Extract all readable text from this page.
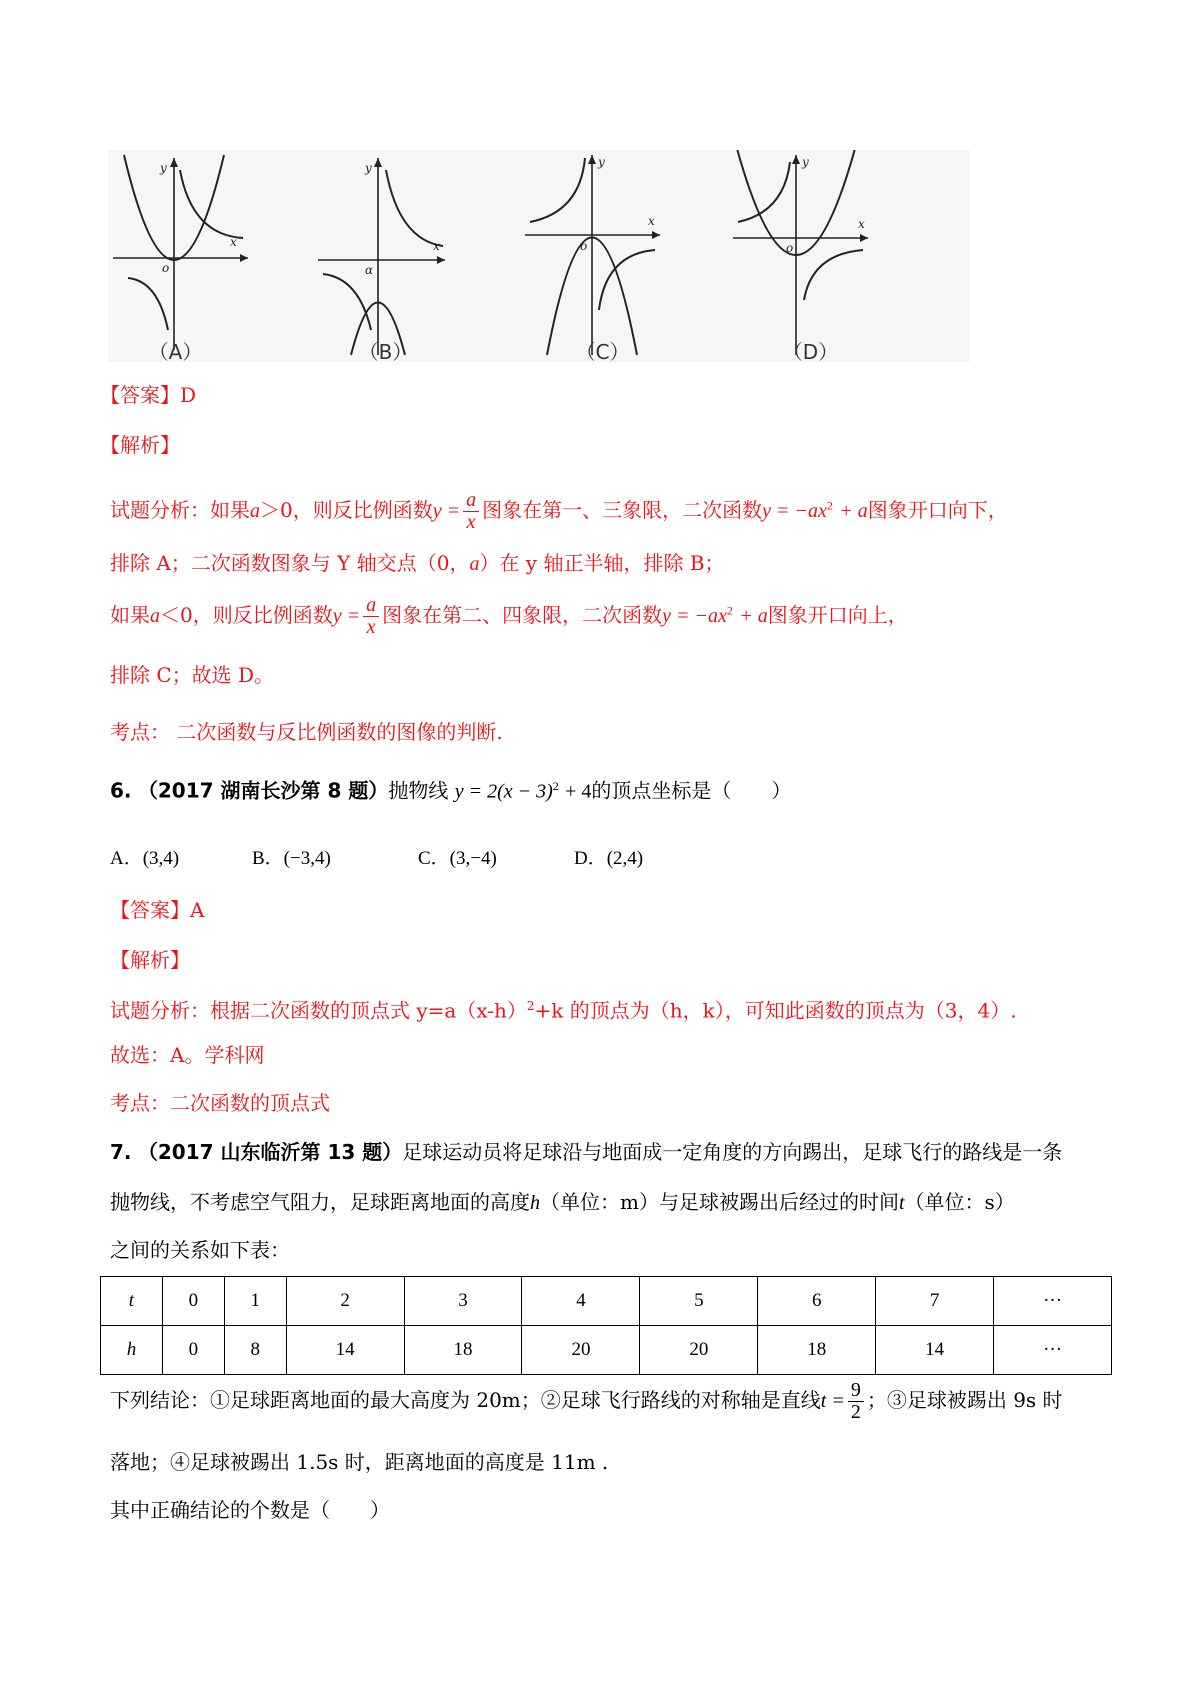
x
y
o
（A）
x
y
α
（B）
x
y
o
（C）
x
y
o
（D）
【答案】D
【解析】
试题分析：如果a＞0，则反比例函数$y = \frac{a}{x}$ 图象在第一、三象限，二次函数$y = -ax^2 + a$图象开口向下，
排除 A；二次函数图象与 Y 轴交点（0，a）在 y 轴正半轴，排除 B；
如果a＜0，则反比例函数$y = \frac{a}{x}$ 图象在第二、四象限，二次函数$y = -ax^2 + a$图象开口向上，
排除 C；故选 D。
考点： 二次函数与反比例函数的图像的判断.
6. （2017 湖南长沙第 8 题）抛物线 $y = 2(x - 3)^2 + 4$的顶点坐标是（　　）
A．(3,4)	B．(−3,4)	C．(3,−4)	D．(2,4)
【答案】A
【解析】
试题分析：根据二次函数的顶点式 $y=a(x-h)^2+k$ 的顶点为（h，k），可知此函数的顶点为（3，4）.
故选：A。学科网
考点：二次函数的顶点式
7. （2017 山东临沂第 13 题）足球运动员将足球沿与地面成一定角度的方向踢出，足球飞行的路线是一条
抛物线，不考虑空气阻力，足球距离地面的高度h（单位：m）与足球被踢出后经过的时间t（单位：s）
之间的关系如下表：
t	0	1	2	3	4	5	6	7	···
h	0	8	14	18	20	20	18	14	···
下列结论：①足球距离地面的最大高度为 20m；②足球飞行路线的对称轴是直线$t = \frac{9}{2}$ ；③足球被踢出 9s 时
落地；④足球被踢出 1.5s 时，距离地面的高度是 11m .
其中正确结论的个数是（　　）
